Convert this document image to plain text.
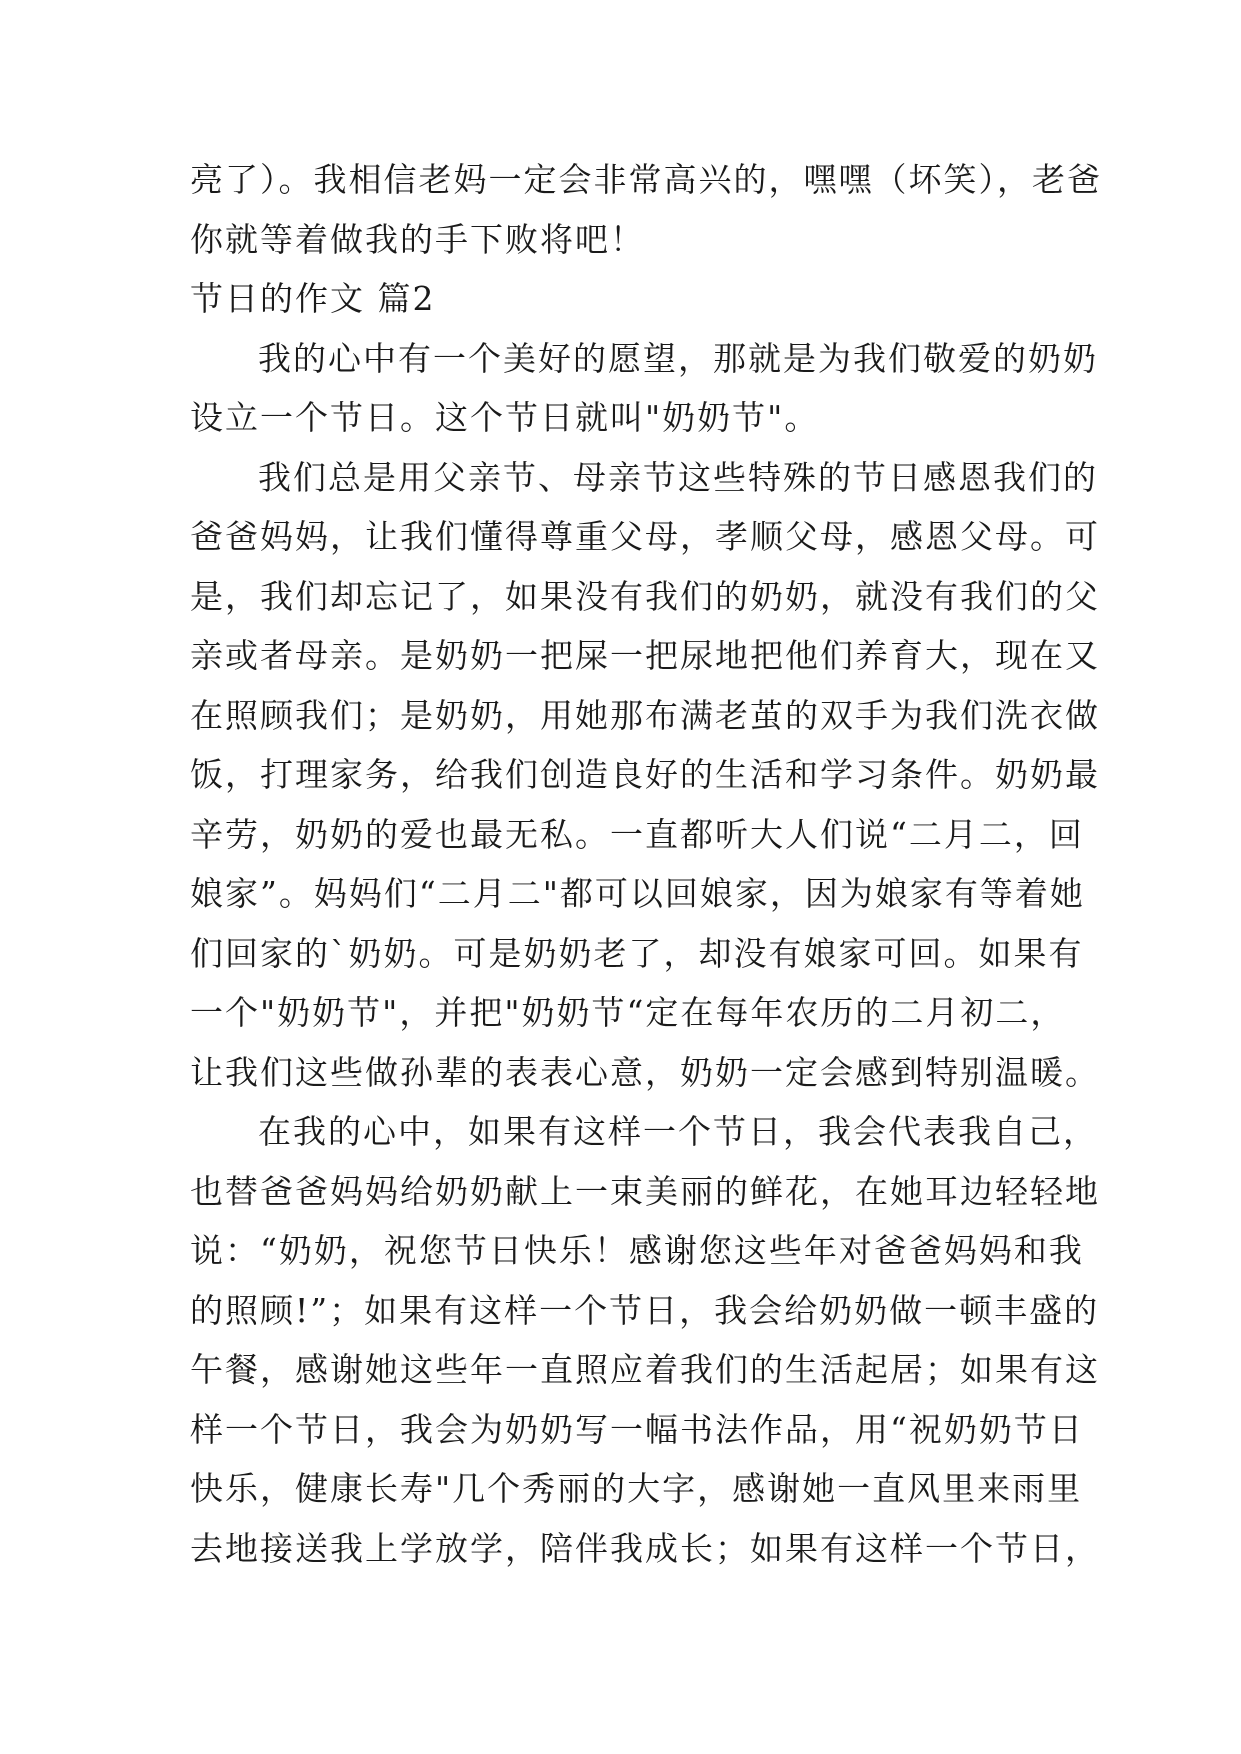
亮了）。我相信老妈一定会非常高兴的，嘿嘿（坏笑），老爸
你就等着做我的手下败将吧！
节日的作文 篇2
我的心中有一个美好的愿望，那就是为我们敬爱的奶奶
设立一个节日。这个节日就叫"奶奶节"。
我们总是用父亲节、母亲节这些特殊的节日感恩我们的
爸爸妈妈，让我们懂得尊重父母，孝顺父母，感恩父母。可
是，我们却忘记了，如果没有我们的奶奶，就没有我们的父
亲或者母亲。是奶奶一把屎一把尿地把他们养育大，现在又
在照顾我们；是奶奶，用她那布满老茧的双手为我们洗衣做
饭，打理家务，给我们创造良好的生活和学习条件。奶奶最
辛劳，奶奶的爱也最无私。一直都听大人们说“二月二，回
娘家”。妈妈们“二月二"都可以回娘家，因为娘家有等着她
们回家的`奶奶。可是奶奶老了，却没有娘家可回。如果有
一个"奶奶节"，并把"奶奶节“定在每年农历的二月初二，
让我们这些做孙辈的表表心意，奶奶一定会感到特别温暖。
在我的心中，如果有这样一个节日，我会代表我自己，
也替爸爸妈妈给奶奶献上一束美丽的鲜花，在她耳边轻轻地
说：“奶奶，祝您节日快乐！感谢您这些年对爸爸妈妈和我
的照顾!”；如果有这样一个节日，我会给奶奶做一顿丰盛的
午餐，感谢她这些年一直照应着我们的生活起居；如果有这
样一个节日，我会为奶奶写一幅书法作品，用“祝奶奶节日
快乐，健康长寿"几个秀丽的大字，感谢她一直风里来雨里
去地接送我上学放学，陪伴我成长；如果有这样一个节日，
